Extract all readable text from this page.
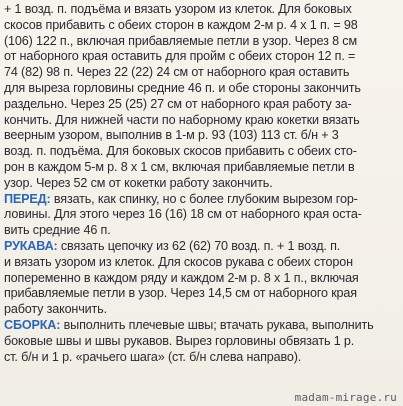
+ 1 возд. п. подъёма и вязать узором из клеток. Для боковых
скосов прибавить с обеих сторон в каждом 2-м р. 4 х 1 п. = 98
(106) 122 п., включая прибавляемые петли в узор. Через 8 см
от наборного края оставить для пройм с обеих сторон 12 п. =
74 (82) 98 п. Через 22 (22) 24 см от наборного края оставить
для выреза горловины средние 46 п. и обе стороны закончить
раздельно. Через 25 (25) 27 см от наборного края работу за-
кончить. Для нижней части по наборному краю кокетки вязать
веерным узором, выполнив в 1-м р. 93 (103) 113 ст. б/н + 3
возд. п. подъёма. Для боковых скосов прибавить с обеих сто-
рон в каждом 5-м р. 8 х 1 см, включая прибавляемые петли в
узор. Через 52 см от кокетки работу закончить.
ПЕРЕД: вязать, как спинку, но с более глубоким вырезом гор-
ловины. Для этого через 16 (16) 18 см от наборного края оста-
вить средние 46 п.
РУКАВА: связать цепочку из 62 (62) 70 возд. п. + 1 возд. п.
и вязать узором из клеток. Для скосов рукава с обеих сторон
попеременно в каждом ряду и каждом 2-м р. 8 х 1 п., включая
прибавляемые петли в узор. Через 14,5 см от наборного края
работу закончить.
СБОРКА: выполнить плечевые швы; втачать рукава, выполнить
боковые швы и швы рукавов. Вырез горловины обвязать 1 р.
ст. б/н и 1 р. «рачьего шага» (ст. б/н слева направо).
madam-mirage.ru
